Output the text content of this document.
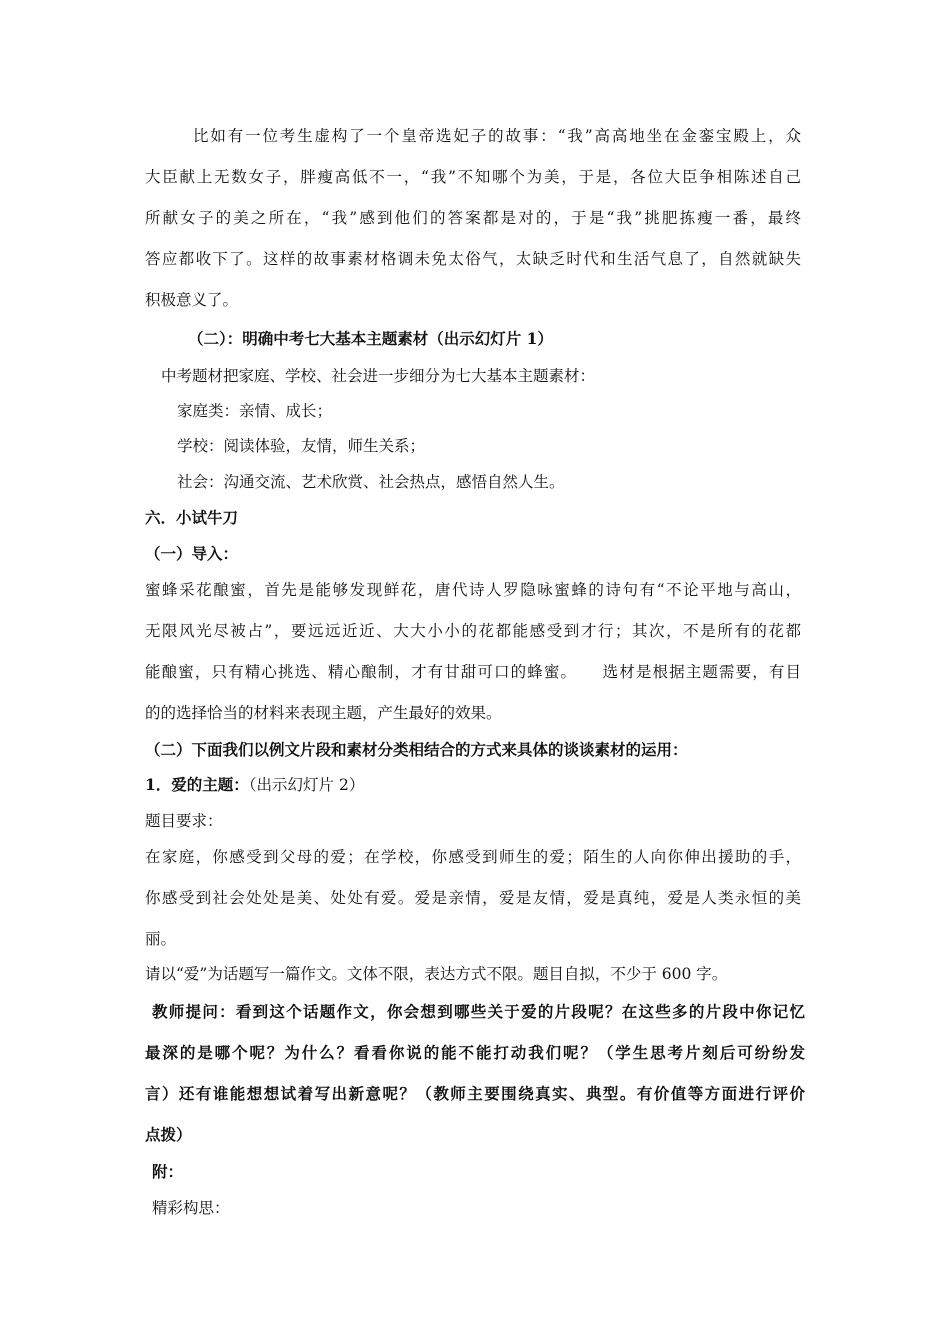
比如有一位考生虚构了一个皇帝选妃子的故事：“我”高高地坐在金銮宝殿上，众
大臣献上无数女子，胖瘦高低不一，“我”不知哪个为美，于是，各位大臣争相陈述自己
所献女子的美之所在，“我”感到他们的答案都是对的，于是“我”挑肥拣瘦一番，最终
答应都收下了。这样的故事素材格调未免太俗气，太缺乏时代和生活气息了，自然就缺失
积极意义了。
（二）：明确中考七大基本主题素材（出示幻灯片 1）
中考题材把家庭、学校、社会进一步细分为七大基本主题素材：
家庭类：亲情、成长；
学校：阅读体验，友情，师生关系；
社会：沟通交流、艺术欣赏、社会热点，感悟自然人生。
六．小试牛刀
（一）导入：
蜜蜂采花酿蜜，首先是能够发现鲜花，唐代诗人罗隐咏蜜蜂的诗句有“不论平地与高山，
无限风光尽被占”，要远远近近、大大小小的花都能感受到才行；其次，不是所有的花都
能酿蜜，只有精心挑选、精心酿制，才有甘甜可口的蜂蜜。　　选材是根据主题需要，有目
的的选择恰当的材料来表现主题，产生最好的效果。
（二）下面我们以例文片段和素材分类相结合的方式来具体的谈谈素材的运用：
1．爱的主题：（出示幻灯片 2）
题目要求：
在家庭，你感受到父母的爱；在学校，你感受到师生的爱；陌生的人向你伸出援助的手，
你感受到社会处处是美、处处有爱。爱是亲情，爱是友情，爱是真纯，爱是人类永恒的美
丽。
请以“爱”为话题写一篇作文。文体不限，表达方式不限。题目自拟，不少于 600 字。
教师提问：看到这个话题作文，你会想到哪些关于爱的片段呢？在这些多的片段中你记忆
最深的是哪个呢？为什么？看看你说的能不能打动我们呢？（学生思考片刻后可纷纷发
言）还有谁能想想试着写出新意呢？（教师主要围绕真实、典型。有价值等方面进行评价
点拨）
附：
精彩构思：
